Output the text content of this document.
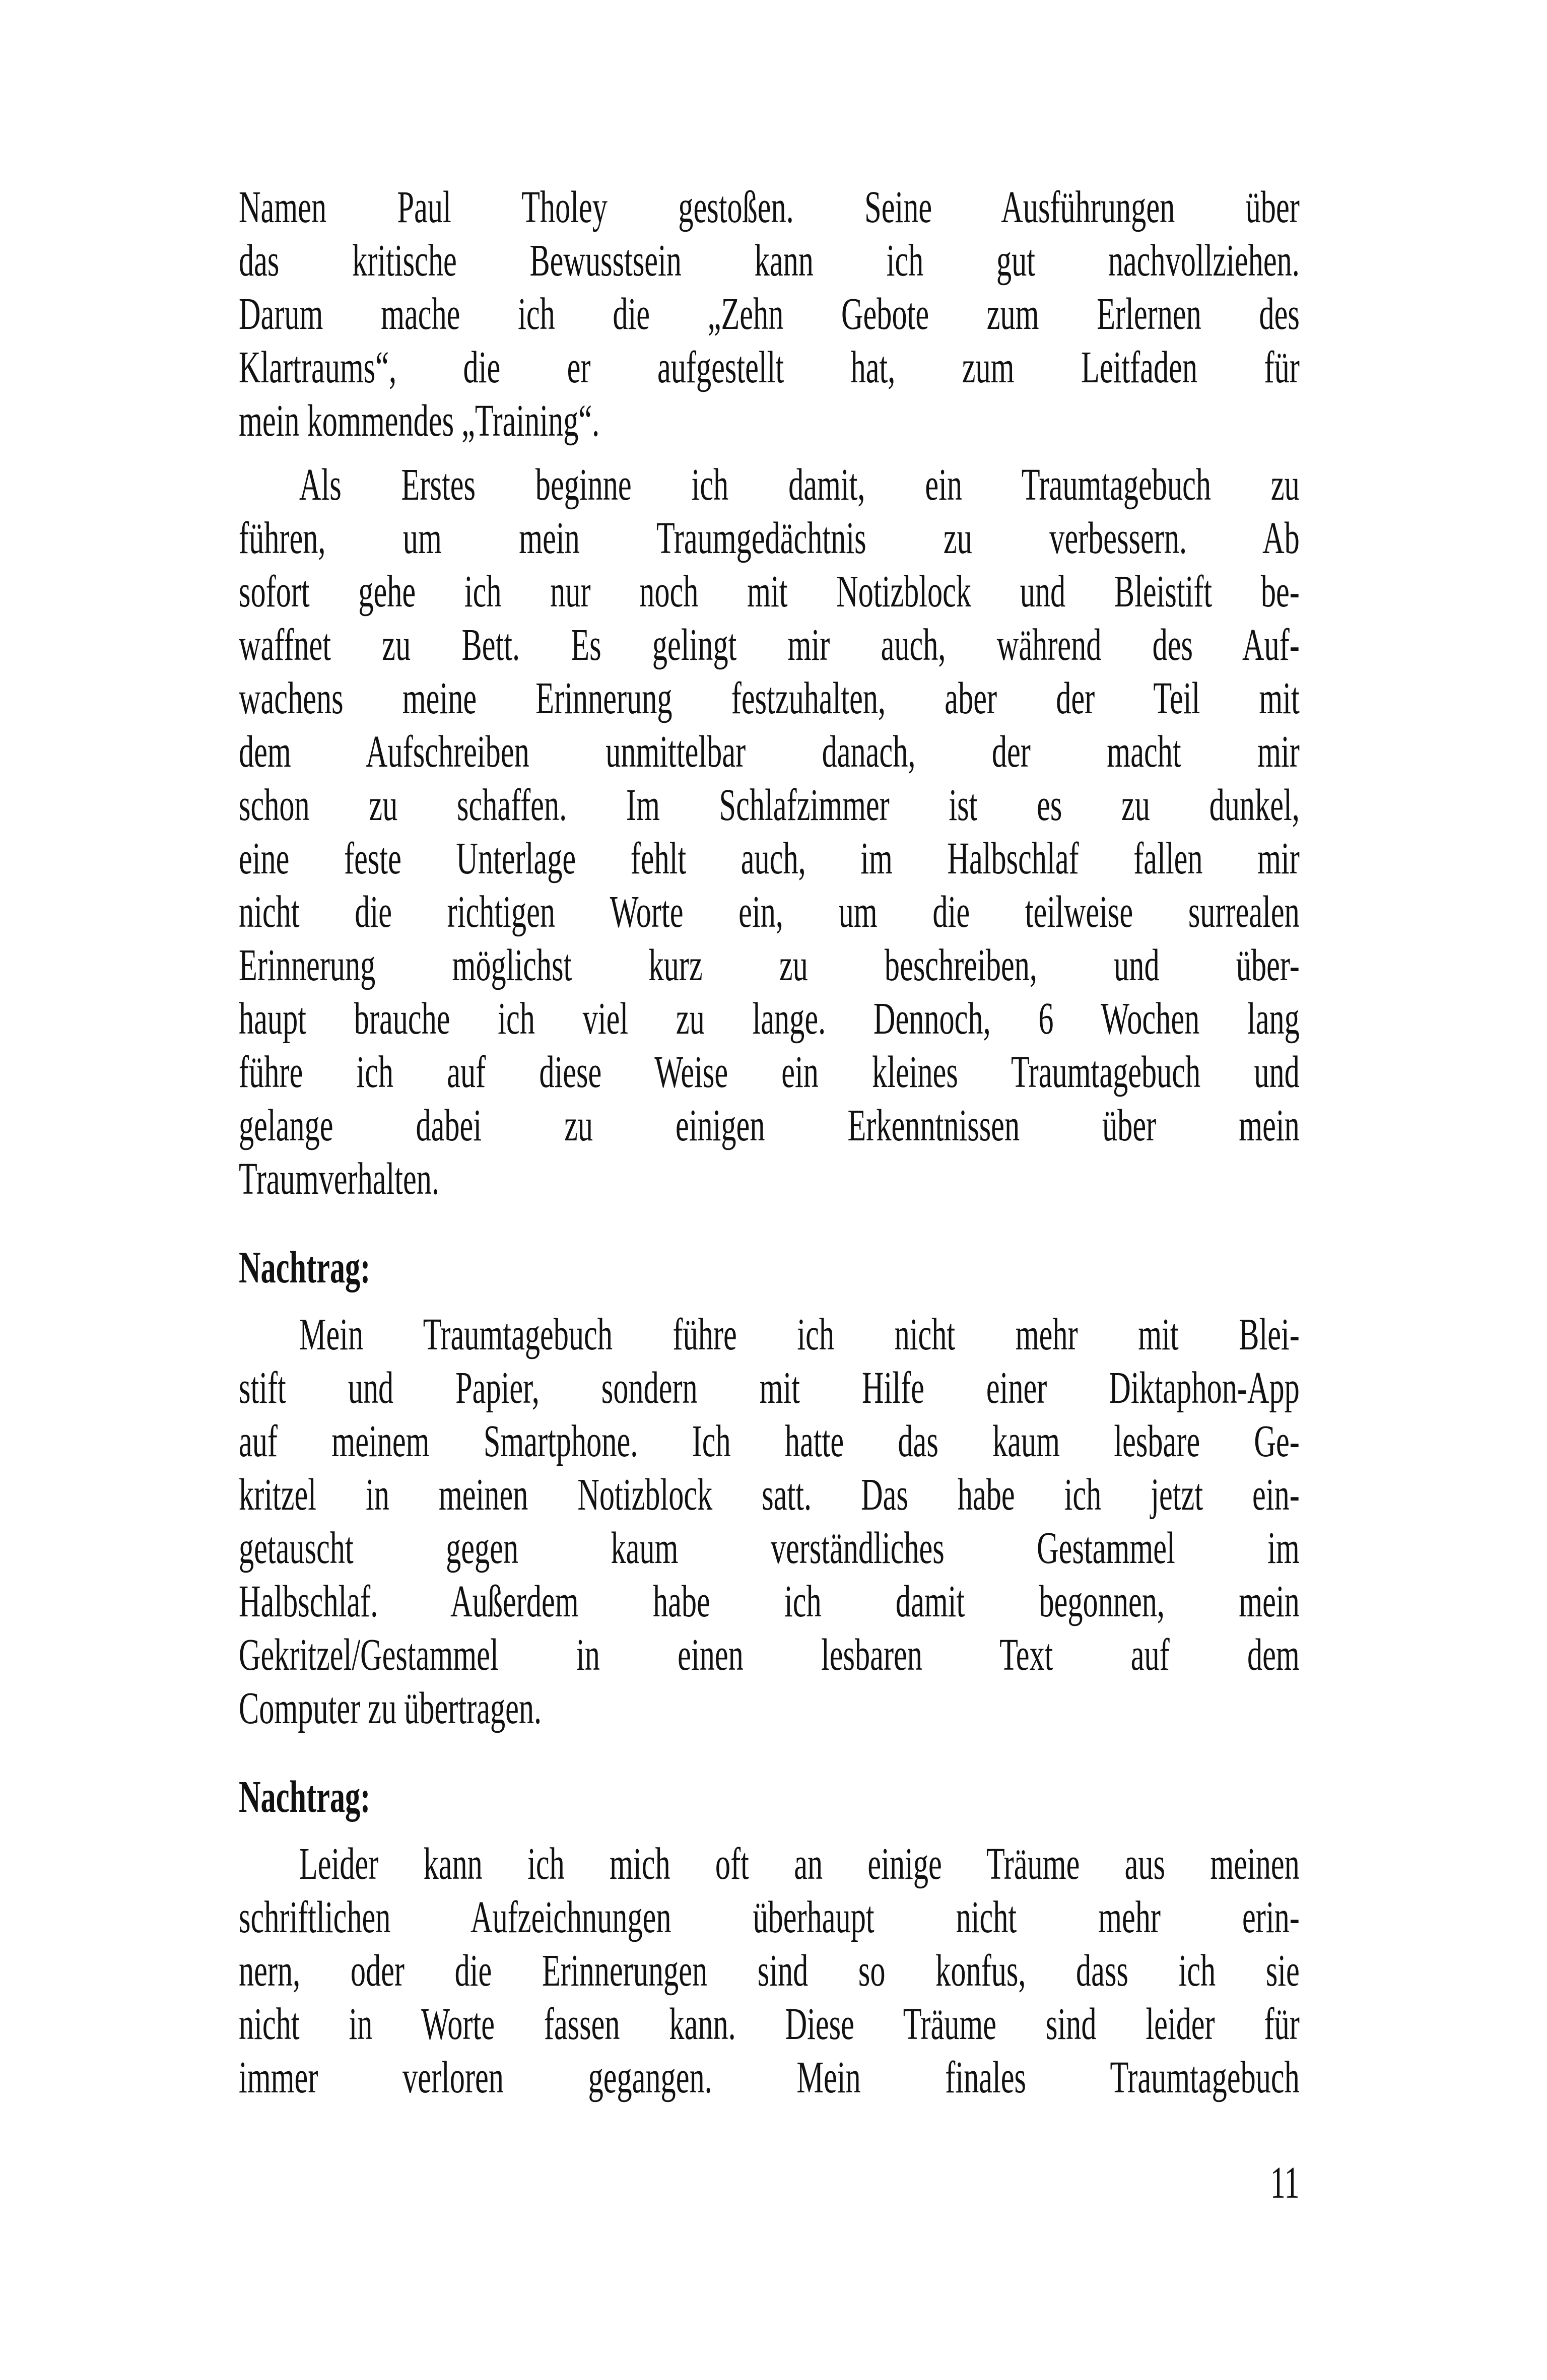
Namen Paul Tholey gestoßen. Seine Ausführungen über
das kritische Bewusstsein kann ich gut nachvollziehen.
Darum mache ich die „Zehn Gebote zum Erlernen des
Klartraums“, die er aufgestellt hat, zum Leitfaden für
mein kommendes „Training“.
Als Erstes beginne ich damit, ein Traumtagebuch zu
führen, um mein Traumgedächtnis zu verbessern. Ab
sofort gehe ich nur noch mit Notizblock und Bleistift be-
waffnet zu Bett. Es gelingt mir auch, während des Auf-
wachens meine Erinnerung festzuhalten, aber der Teil mit
dem Aufschreiben unmittelbar danach, der macht mir
schon zu schaffen. Im Schlafzimmer ist es zu dunkel,
eine feste Unterlage fehlt auch, im Halbschlaf fallen mir
nicht die richtigen Worte ein, um die teilweise surrealen
Erinnerung möglichst kurz zu beschreiben, und über-
haupt brauche ich viel zu lange. Dennoch, 6 Wochen lang
führe ich auf diese Weise ein kleines Traumtagebuch und
gelange dabei zu einigen Erkenntnissen über mein
Traumverhalten.
Nachtrag:
Mein Traumtagebuch führe ich nicht mehr mit Blei-
stift und Papier, sondern mit Hilfe einer Diktaphon-App
auf meinem Smartphone. Ich hatte das kaum lesbare Ge-
kritzel in meinen Notizblock satt. Das habe ich jetzt ein-
getauscht gegen kaum verständliches Gestammel im
Halbschlaf. Außerdem habe ich damit begonnen, mein
Gekritzel/Gestammel in einen lesbaren Text auf dem
Computer zu übertragen.
Nachtrag:
Leider kann ich mich oft an einige Träume aus meinen
schriftlichen Aufzeichnungen überhaupt nicht mehr erin-
nern, oder die Erinnerungen sind so konfus, dass ich sie
nicht in Worte fassen kann. Diese Träume sind leider für
immer verloren gegangen. Mein finales Traumtagebuch
11
